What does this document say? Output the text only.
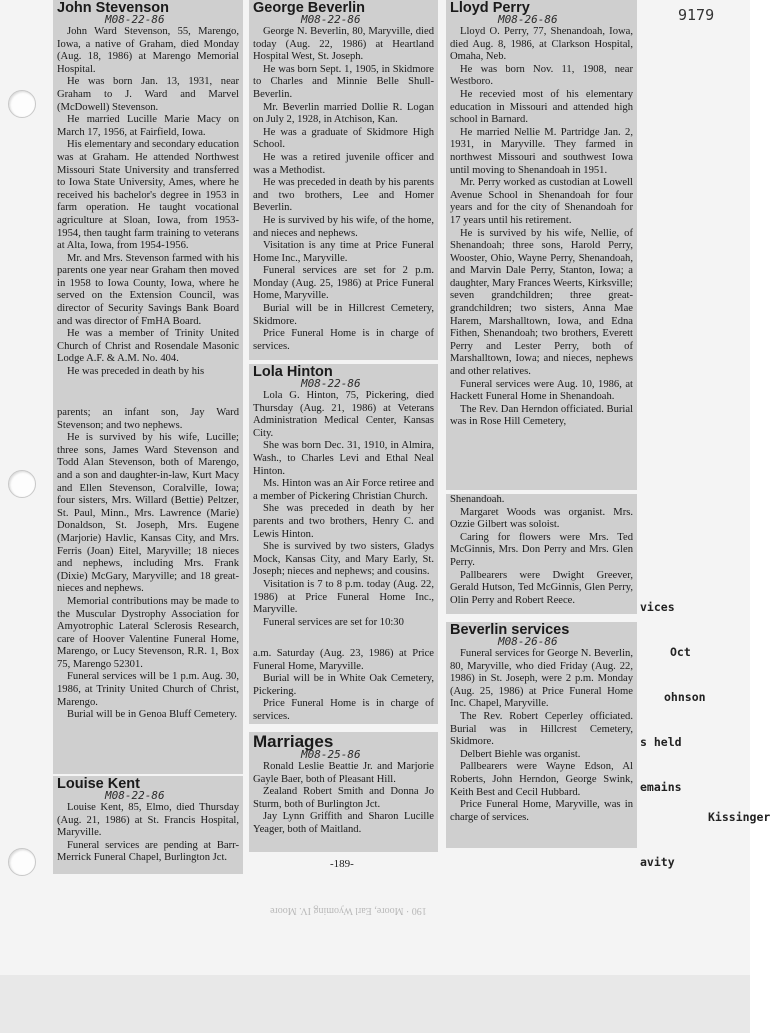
9179
John Stevenson
M08-22-86

John Ward Stevenson, 55, Marengo, Iowa, a native of Graham, died Monday (Aug. 18, 1986) at Marengo Memorial Hospital.

He was born Jan. 13, 1931, near Graham to J. Ward and Marvel (McDowell) Stevenson.

He married Lucille Marie Macy on March 17, 1956, at Fairfield, Iowa.

His elementary and secondary education was at Graham. He attended Northwest Missouri State University and transferred to Iowa State University, Ames, where he received his bachelor's degree in 1953 in farm operation. He taught vocational agriculture at Sloan, Iowa, from 1953-1954, then taught farm training to veterans at Alta, Iowa, from 1954-1956.

Mr. and Mrs. Stevenson farmed with his parents one year near Graham then moved in 1958 to Iowa County, Iowa, where he served on the Extension Council, was director of Security Savings Bank Board and was director of FmHA Board.

He was a member of Trinity United Church of Christ and Rosendale Masonic Lodge A.F. & A.M. No. 404.

He was preceded in death by his

parents; an infant son, Jay Ward Stevenson; and two nephews.

He is survived by his wife, Lucille; three sons, James Ward Stevenson and Todd Alan Stevenson, both of Marengo, and a son and daughter-in-law, Kurt Macy and Ellen Stevenson, Coralville, Iowa; four sisters, Mrs. Willard (Bettie) Peltzer, St. Paul, Minn., Mrs. Lawrence (Marie) Donaldson, St. Joseph, Mrs. Eugene (Marjorie) Havlic, Kansas City, and Mrs. Ferris (Joan) Eitel, Maryville; 18 nieces and nephews, including Mrs. Frank (Dixie) McGary, Maryville; and 18 great-nieces and nephews.

Memorial contributions may be made to the Muscular Dystrophy Association for Amyotrophic Lateral Sclerosis Research, care of Hoover Valentine Funeral Home, Marengo, or Lucy Stevenson, R.R. 1, Box 75, Marengo 52301.

Funeral services will be 1 p.m. Aug. 30, 1986, at Trinity United Church of Christ, Marengo.

Burial will be in Genoa Bluff Cemetery.

Louise Kent
M08-22-86

Louise Kent, 85, Elmo, died Thursday (Aug. 21, 1986) at St. Francis Hospital, Maryville.

Funeral services are pending at Barr-Merrick Funeral Chapel, Burlington Jct.

George Beverlin
M08-22-86

George N. Beverlin, 80, Maryville, died today (Aug. 22, 1986) at Heartland Hospital West, St. Joseph.

He was born Sept. 1, 1905, in Skidmore to Charles and Minnie Belle Shull-Beverlin.

Mr. Beverlin married Dollie R. Logan on July 2, 1928, in Atchison, Kan.

He was a graduate of Skidmore High School.

He was a retired juvenile officer and was a Methodist.

He was preceded in death by his parents and two brothers, Lee and Homer Beverlin.

He is survived by his wife, of the home, and nieces and nephews.

Visitation is any time at Price Funeral Home Inc., Maryville.

Funeral services are set for 2 p.m. Monday (Aug. 25, 1986) at Price Funeral Home, Maryville.

Burial will be in Hillcrest Cemetery, Skidmore.

Price Funeral Home is in charge of services.

Lola Hinton
M08-22-86

Lola G. Hinton, 75, Pickering, died Thursday (Aug. 21, 1986) at Veterans Administration Medical Center, Kansas City.

She was born Dec. 31, 1910, in Almira, Wash., to Charles Levi and Ethal Neal Hinton.

Ms. Hinton was an Air Force retiree and a member of Pickering Christian Church.

She was preceded in death by her parents and two brothers, Henry C. and Lewis Hinton.

She is survived by two sisters, Gladys Mock, Kansas City, and Mary Early, St. Joseph; nieces and nephews; and cousins.

Visitation is 7 to 8 p.m. today (Aug. 22, 1986) at Price Funeral Home Inc., Maryville.

Funeral services are set for 10:30

a.m. Saturday (Aug. 23, 1986) at Price Funeral Home, Maryville.

Burial will be in White Oak Cemetery, Pickering.

Price Funeral Home is in charge of services.

Marriages
M08-25-86

Ronald Leslie Beattie Jr. and Marjorie Gayle Baer, both of Pleasant Hill.

Zealand Robert Smith and Donna Jo Sturm, both of Burlington Jct.

Jay Lynn Griffith and Sharon Lucille Yeager, both of Maitland.

Lloyd Perry
M08-26-86

Lloyd O. Perry, 77, Shenandoah, Iowa, died Aug. 8, 1986, at Clarkson Hospital, Omaha, Neb.

He was born Nov. 11, 1908, near Westboro.

He recevied most of his elementary education in Missouri and attended high school in Barnard.

He married Nellie M. Partridge Jan. 2, 1931, in Maryville. They farmed in northwest Missouri and southwest Iowa until moving to Shenandoah in 1951.

Mr. Perry worked as custodian at Lowell Avenue School in Shenandoah for four years and for the city of Shenandoah for 17 years until his retirement.

He is survived by his wife, Nellie, of Shenandoah; three sons, Harold Perry, Wooster, Ohio, Wayne Perry, Shenandoah, and Marvin Dale Perry, Stanton, Iowa; a daughter, Mary Frances Weerts, Kirksville; seven grandchildren; three great-grandchildren; two sisters, Anna Mae Harem, Marshalltown, Iowa, and Edna Fithen, Shenandoah; two brothers, Everett Perry and Lester Perry, both of Marshalltown, Iowa; and nieces, nephews and other relatives.

Funeral services were Aug. 10, 1986, at Hackett Funeral Home in Shenandoah.

The Rev. Dan Herndon officiated. Burial was in Rose Hill Cemetery,

Shenandoah.

Margaret Woods was organist. Mrs. Ozzie Gilbert was soloist.

Caring for flowers were Mrs. Ted McGinnis, Mrs. Don Perry and Mrs. Glen Perry.

Pallbearers were Dwight Greever, Gerald Hutson, Ted McGinnis, Glen Perry, Olin Perry and Robert Reece.

Beverlin services
M08-26-86

Funeral services for George N. Beverlin, 80, Maryville, who died Friday (Aug. 22, 1986) in St. Joseph, were 2 p.m. Monday (Aug. 25, 1986) at Price Funeral Home Inc. Chapel, Maryville.

The Rev. Robert Ceperley officiated. Burial was in Hillcrest Cemetery, Skidmore.

Delbert Biehle was organist.

Pallbearers were Wayne Edson, Al Roberts, John Herndon, George Swink, Keith Best and Cecil Hubbard.

Price Funeral Home, Maryville, was in charge of services.

vices

Oct

ohnson

s held

emains

Kissinger

avity

190 · Moore, Earl Wyoming IV. Moore
-189-
